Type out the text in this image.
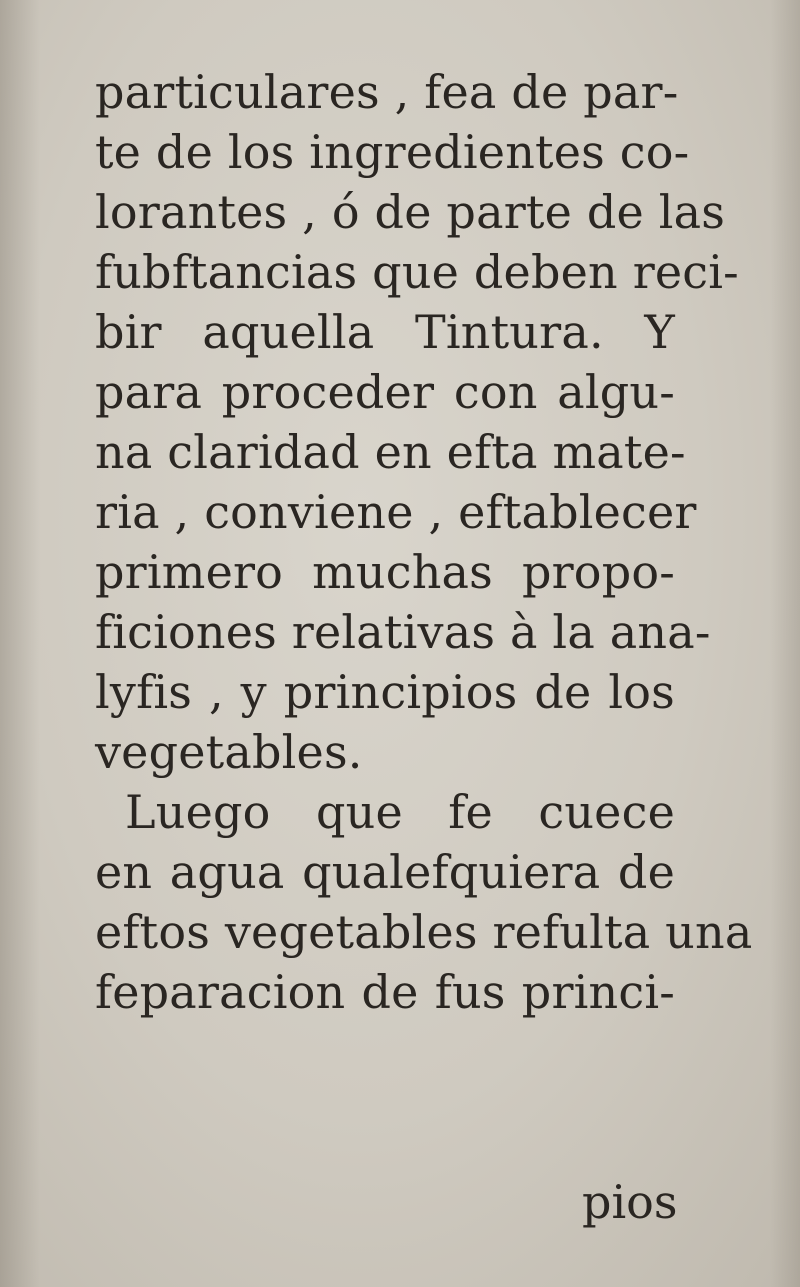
particulares , fea de par-
te de los ingredientes co-
lorantes , ó de parte de las
fubftancias que deben reci-
bir aquella Tintura. Y
para proceder con algu-
na claridad en efta mate-
ria , conviene , eftablecer
primero muchas propo-
ficiones relativas à la ana-
lyfis , y principios de los
vegetables.
Luego que fe cuece
en agua qualefquiera de
eftos vegetables refulta una
feparacion de fus princi-
pios
